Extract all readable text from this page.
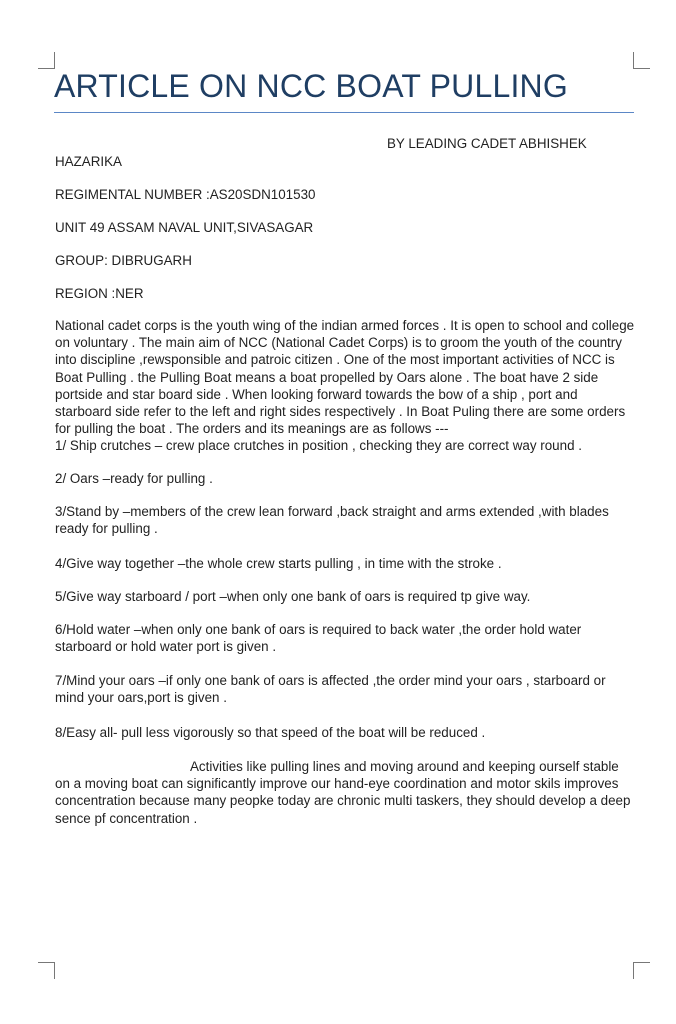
ARTICLE ON NCC BOAT PULLING
BY LEADING CADET ABHISHEK
HAZARIKA
REGIMENTAL NUMBER :AS20SDN101530
UNIT 49 ASSAM NAVAL UNIT,SIVASAGAR
GROUP: DIBRUGARH
REGION :NER
National cadet corps is the youth wing of the indian armed forces . It is open to school and college on voluntary . The main aim of NCC (National Cadet Corps) is to groom the youth of the country into discipline ,rewsponsible and patroic citizen . One of the most important activities of NCC is Boat Pulling . the Pulling Boat means a boat propelled by Oars alone . The boat have 2 side portside and star board side . When looking forward towards the bow of a ship , port and starboard side refer to the left and right sides respectively . In Boat Puling there are some orders for pulling the boat . The orders and its meanings are as follows ---
1/ Ship crutches – crew place crutches in position , checking they are correct way round .
2/ Oars –ready for pulling .
3/Stand by –members of the crew lean forward ,back straight and arms extended ,with blades ready for pulling .
4/Give way together –the whole crew starts pulling , in time with the stroke .
5/Give way starboard / port –when only one bank of oars is required tp give way.
6/Hold water –when only one bank of oars is required to back water ,the order hold water starboard or hold water port is given .
7/Mind your oars –if only one bank of oars is affected ,the order mind your oars , starboard or mind your oars,port is given .
8/Easy all- pull less vigorously so that speed of the boat will be reduced .
Activities like pulling lines and moving around and keeping ourself stable on a moving boat can significantly improve our hand-eye coordination and motor skils improves concentration because many peopke today are chronic multi taskers, they should develop a deep sence pf concentration .
